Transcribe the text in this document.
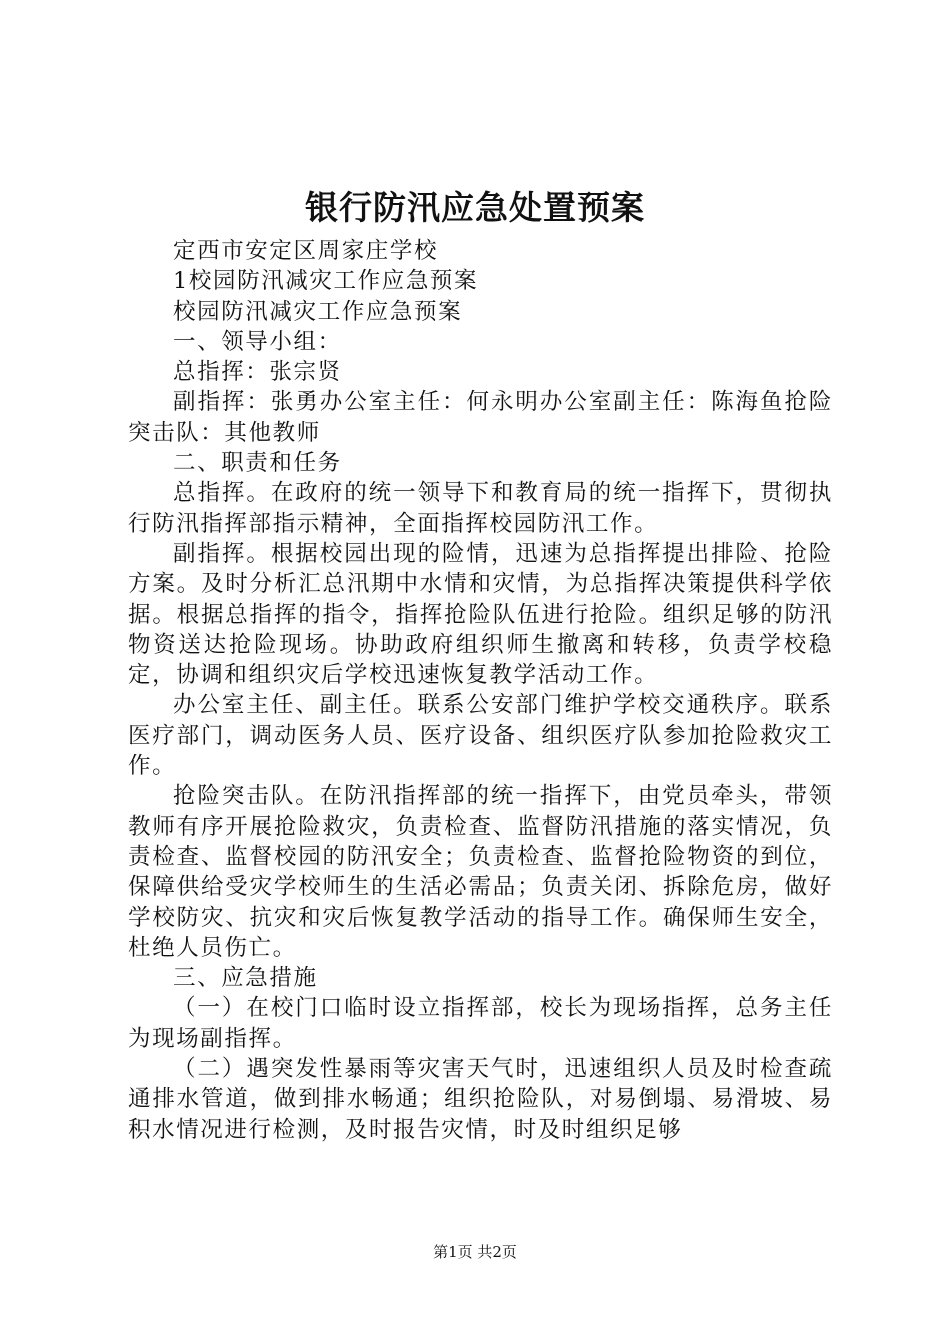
银行防汛应急处置预案

定西市安定区周家庄学校

1校园防汛减灾工作应急预案

校园防汛减灾工作应急预案

一、领导小组：

总指挥：张宗贤

副指挥：张勇办公室主任：何永明办公室副主任：陈海鱼抢险突击队：其他教师

二、职责和任务

总指挥。在政府的统一领导下和教育局的统一指挥下，贯彻执行防汛指挥部指示精神，全面指挥校园防汛工作。

副指挥。根据校园出现的险情，迅速为总指挥提出排险、抢险方案。及时分析汇总汛期中水情和灾情，为总指挥决策提供科学依据。根据总指挥的指令，指挥抢险队伍进行抢险。组织足够的防汛物资送达抢险现场。协助政府组织师生撤离和转移，负责学校稳定，协调和组织灾后学校迅速恢复教学活动工作。

办公室主任、副主任。联系公安部门维护学校交通秩序。联系医疗部门，调动医务人员、医疗设备、组织医疗队参加抢险救灾工作。

抢险突击队。在防汛指挥部的统一指挥下，由党员牵头，带领教师有序开展抢险救灾，负责检查、监督防汛措施的落实情况，负责检查、监督校园的防汛安全；负责检查、监督抢险物资的到位，保障供给受灾学校师生的生活必需品；负责关闭、拆除危房，做好学校防灾、抗灾和灾后恢复教学活动的指导工作。确保师生安全，杜绝人员伤亡。

三、应急措施

（一）在校门口临时设立指挥部，校长为现场指挥，总务主任为现场副指挥。

（二）遇突发性暴雨等灾害天气时，迅速组织人员及时检查疏通排水管道，做到排水畅通；组织抢险队，对易倒塌、易滑坡、易积水情况进行检测，及时报告灾情，时及时组织足够

第1页 共2页
